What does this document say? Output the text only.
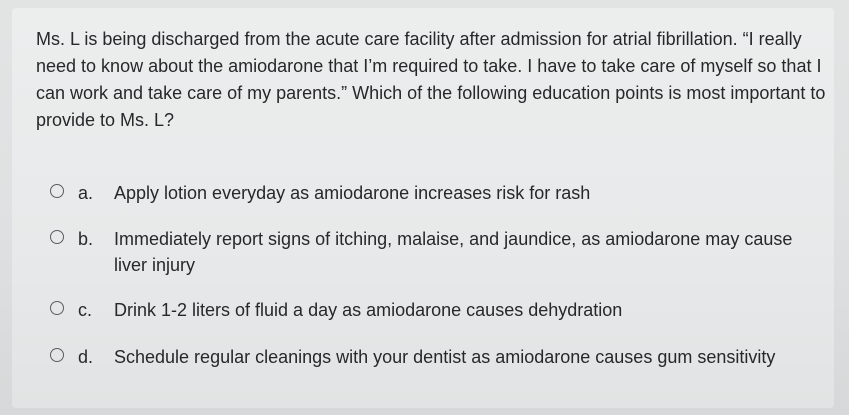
Ms. L is being discharged from the acute care facility after admission for atrial fibrillation. “I really need to know about the amiodarone that I’m required to take. I have to take care of myself so that I can work and take care of my parents.” Which of the following education points is most important to provide to Ms. L?

a.	Apply lotion everyday as amiodarone increases risk for rash
b.	Immediately report signs of itching, malaise, and jaundice, as amiodarone may cause liver injury
c.	Drink 1-2 liters of fluid a day as amiodarone causes dehydration
d.	Schedule regular cleanings with your dentist as amiodarone causes gum sensitivity
